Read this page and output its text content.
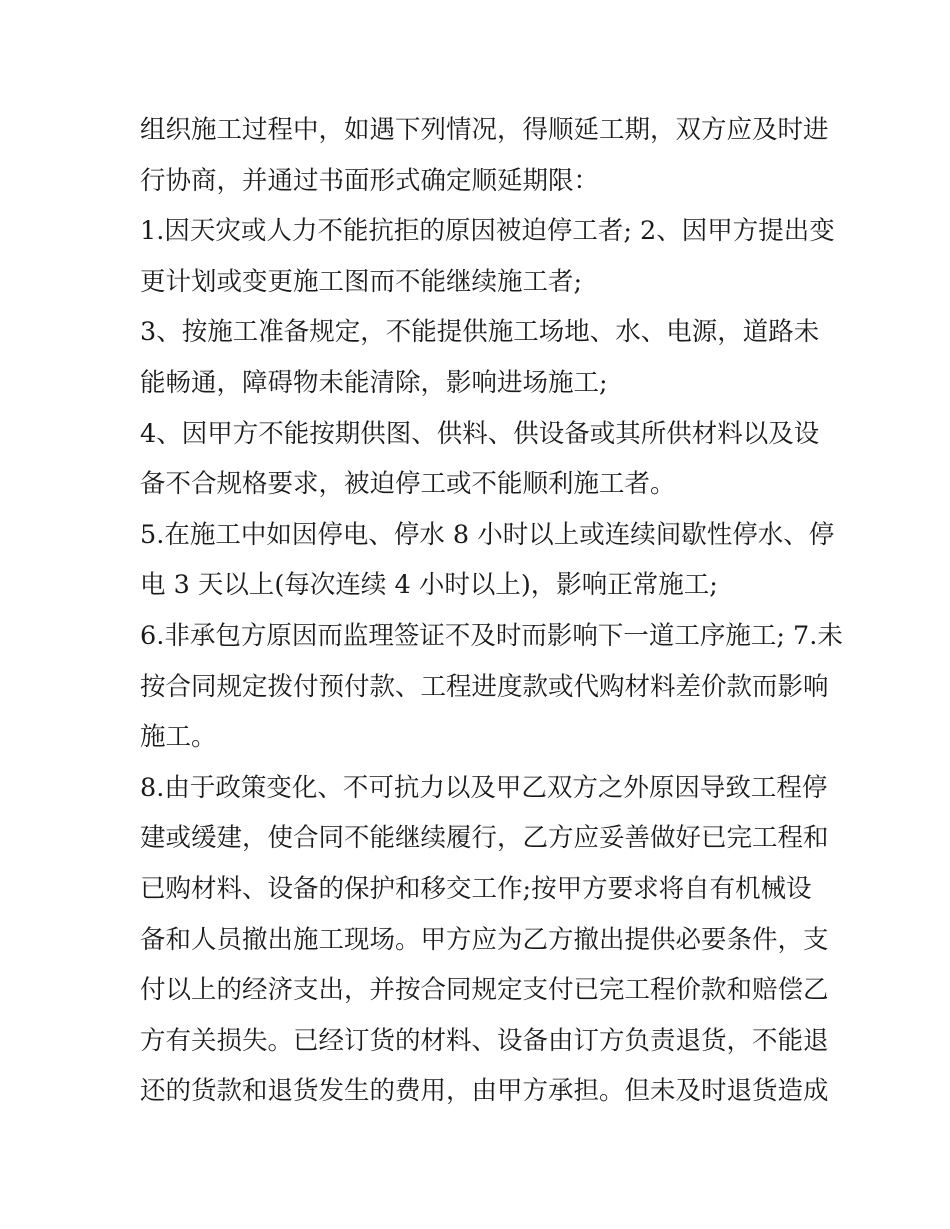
组织施工过程中，如遇下列情况，得顺延工期，双方应及时进
行协商，并通过书面形式确定顺延期限：
1.因天灾或人力不能抗拒的原因被迫停工者; 2、因甲方提出变
更计划或变更施工图而不能继续施工者;
3、按施工准备规定，不能提供施工场地、水、电源，道路未
能畅通，障碍物未能清除，影响进场施工;
4、因甲方不能按期供图、供料、供设备或其所供材料以及设
备不合规格要求，被迫停工或不能顺利施工者。
5.在施工中如因停电、停水 8 小时以上或连续间歇性停水、停
电 3 天以上(每次连续 4 小时以上)，影响正常施工;
6.非承包方原因而监理签证不及时而影响下一道工序施工; 7.未
按合同规定拨付预付款、工程进度款或代购材料差价款而影响
施工。
8.由于政策变化、不可抗力以及甲乙双方之外原因导致工程停
建或缓建，使合同不能继续履行，乙方应妥善做好已完工程和
已购材料、设备的保护和移交工作;按甲方要求将自有机械设
备和人员撤出施工现场。甲方应为乙方撤出提供必要条件，支
付以上的经济支出，并按合同规定支付已完工程价款和赔偿乙
方有关损失。已经订货的材料、设备由订方负责退货，不能退
还的货款和退货发生的费用，由甲方承担。但未及时退货造成
